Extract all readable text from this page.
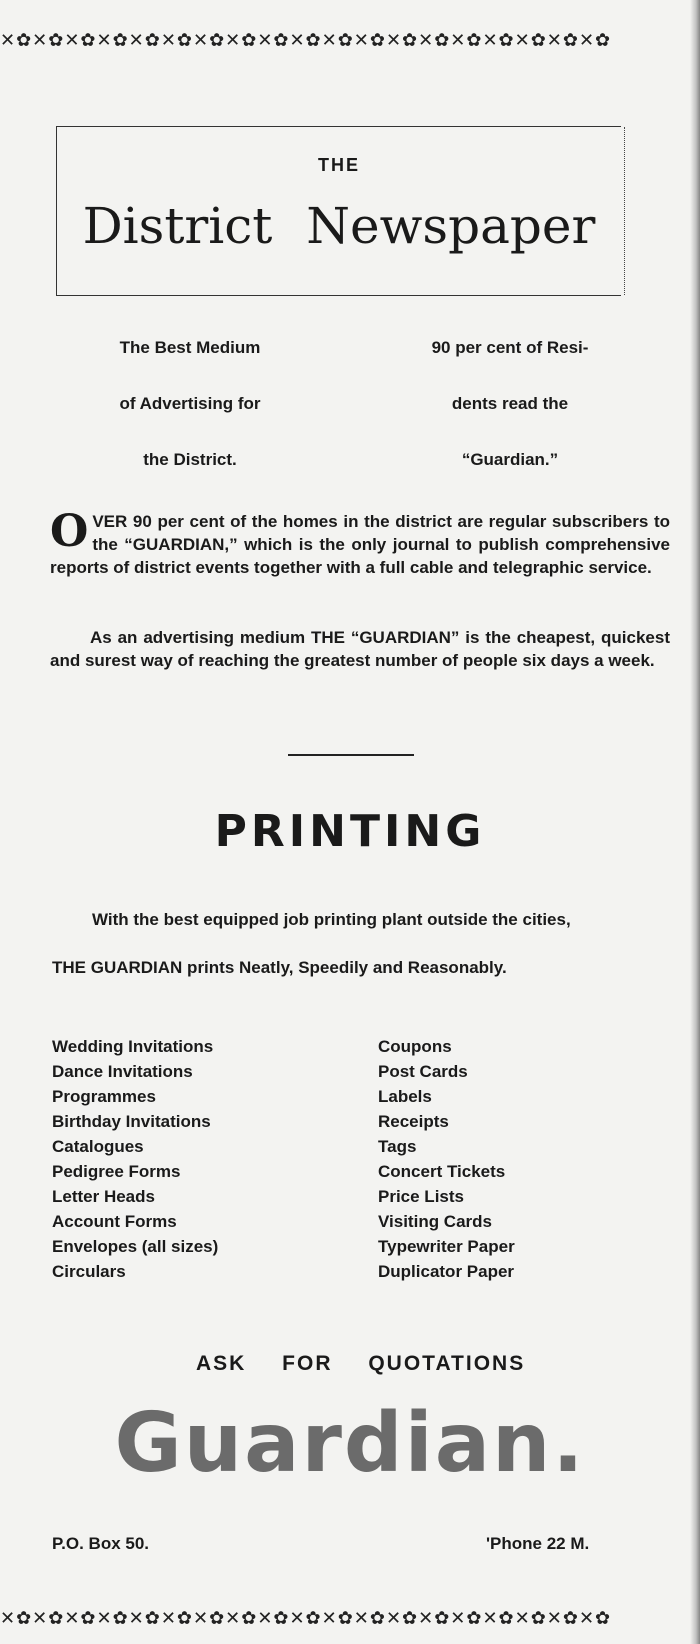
✕✿✕✿✕✿✕✿✕✿✕✿✕✿✕✿✕✿✕✿✕✿✕✿✕✿✕✿✕✿✕✿✕✿✕✿✕✿
THE
District Newspaper
The Best Medium
of Advertising for
the District.
90 per cent of Resi-
dents read the
“Guardian.”
OVER 90 per cent of the homes in the district are regular subscribers to the “GUARDIAN,” which is the only journal to publish comprehensive reports of district events together with a full cable and telegraphic service.
As an advertising medium THE “GUARDIAN” is the cheapest, quickest and surest way of reaching the greatest number of people six days a week.
PRINTING
With the best equipped job printing plant outside the cities,
THE GUARDIAN prints Neatly, Speedily and Reasonably.
Wedding Invitations
Dance Invitations
Programmes
Birthday Invitations
Catalogues
Pedigree Forms
Letter Heads
Account Forms
Envelopes (all sizes)
Circulars
Coupons
Post Cards
Labels
Receipts
Tags
Concert Tickets
Price Lists
Visiting Cards
Typewriter Paper
Duplicator Paper
ASK FOR QUOTATIONS
Guardian.
P.O. Box 50.	'Phone 22 M.
✕✿✕✿✕✿✕✿✕✿✕✿✕✿✕✿✕✿✕✿✕✿✕✿✕✿✕✿✕✿✕✿✕✿✕✿✕✿
